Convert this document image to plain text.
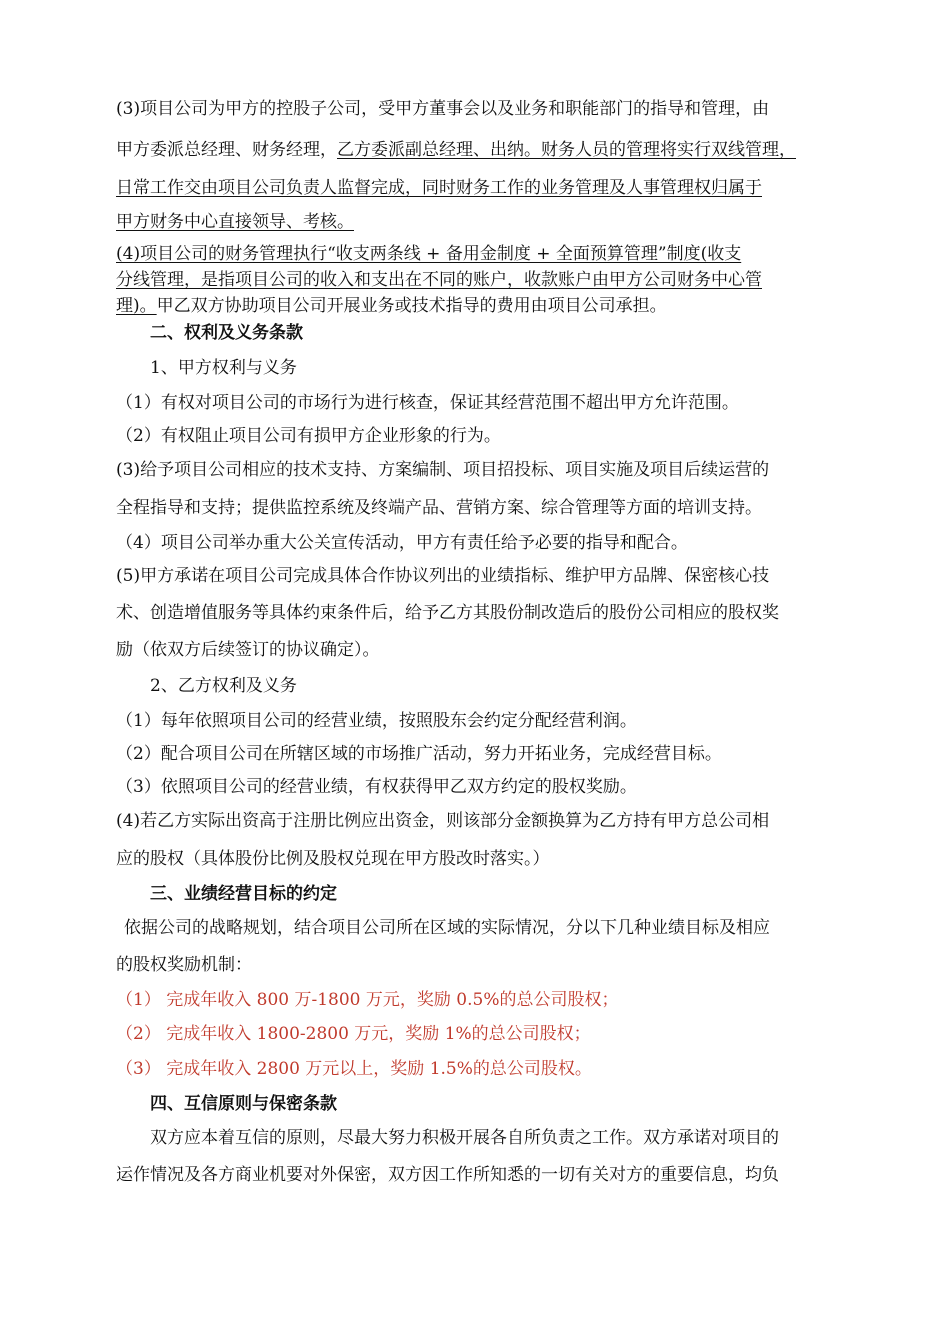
(3)项目公司为甲方的控股子公司，受甲方董事会以及业务和职能部门的指导和管理，由
甲方委派总经理、财务经理，乙方委派副总经理、出纳。财务人员的管理将实行双线管理，
日常工作交由项目公司负责人监督完成，同时财务工作的业务管理及人事管理权归属于
甲方财务中心直接领导、考核。
(4)项目公司的财务管理执行“收支两条线 + 备用金制度 + 全面预算管理”制度(收支
分线管理，是指项目公司的收入和支出在不同的账户，收款账户由甲方公司财务中心管
理)。甲乙双方协助项目公司开展业务或技术指导的费用由项目公司承担。
二、权利及义务条款
1、甲方权利与义务
（1）有权对项目公司的市场行为进行核查，保证其经营范围不超出甲方允许范围。
（2）有权阻止项目公司有损甲方企业形象的行为。
(3)给予项目公司相应的技术支持、方案编制、项目招投标、项目实施及项目后续运营的
全程指导和支持；提供监控系统及终端产品、营销方案、综合管理等方面的培训支持。
（4）项目公司举办重大公关宣传活动，甲方有责任给予必要的指导和配合。
(5)甲方承诺在项目公司完成具体合作协议列出的业绩指标、维护甲方品牌、保密核心技
术、创造增值服务等具体约束条件后，给予乙方其股份制改造后的股份公司相应的股权奖
励（依双方后续签订的协议确定）。
2、乙方权利及义务
（1）每年依照项目公司的经营业绩，按照股东会约定分配经营利润。
（2）配合项目公司在所辖区域的市场推广活动，努力开拓业务，完成经营目标。
（3）依照项目公司的经营业绩，有权获得甲乙双方约定的股权奖励。
(4)若乙方实际出资高于注册比例应出资金，则该部分金额换算为乙方持有甲方总公司相
应的股权（具体股份比例及股权兑现在甲方股改时落实。）
三、业绩经营目标的约定
依据公司的战略规划，结合项目公司所在区域的实际情况，分以下几种业绩目标及相应
的股权奖励机制：
（1） 完成年收入 800 万-1800 万元，奖励 0.5%的总公司股权；
（2） 完成年收入 1800-2800 万元，奖励 1%的总公司股权；
（3） 完成年收入 2800 万元以上，奖励 1.5%的总公司股权。
四、互信原则与保密条款
双方应本着互信的原则，尽最大努力积极开展各自所负责之工作。双方承诺对项目的
运作情况及各方商业机要对外保密，双方因工作所知悉的一切有关对方的重要信息，均负
